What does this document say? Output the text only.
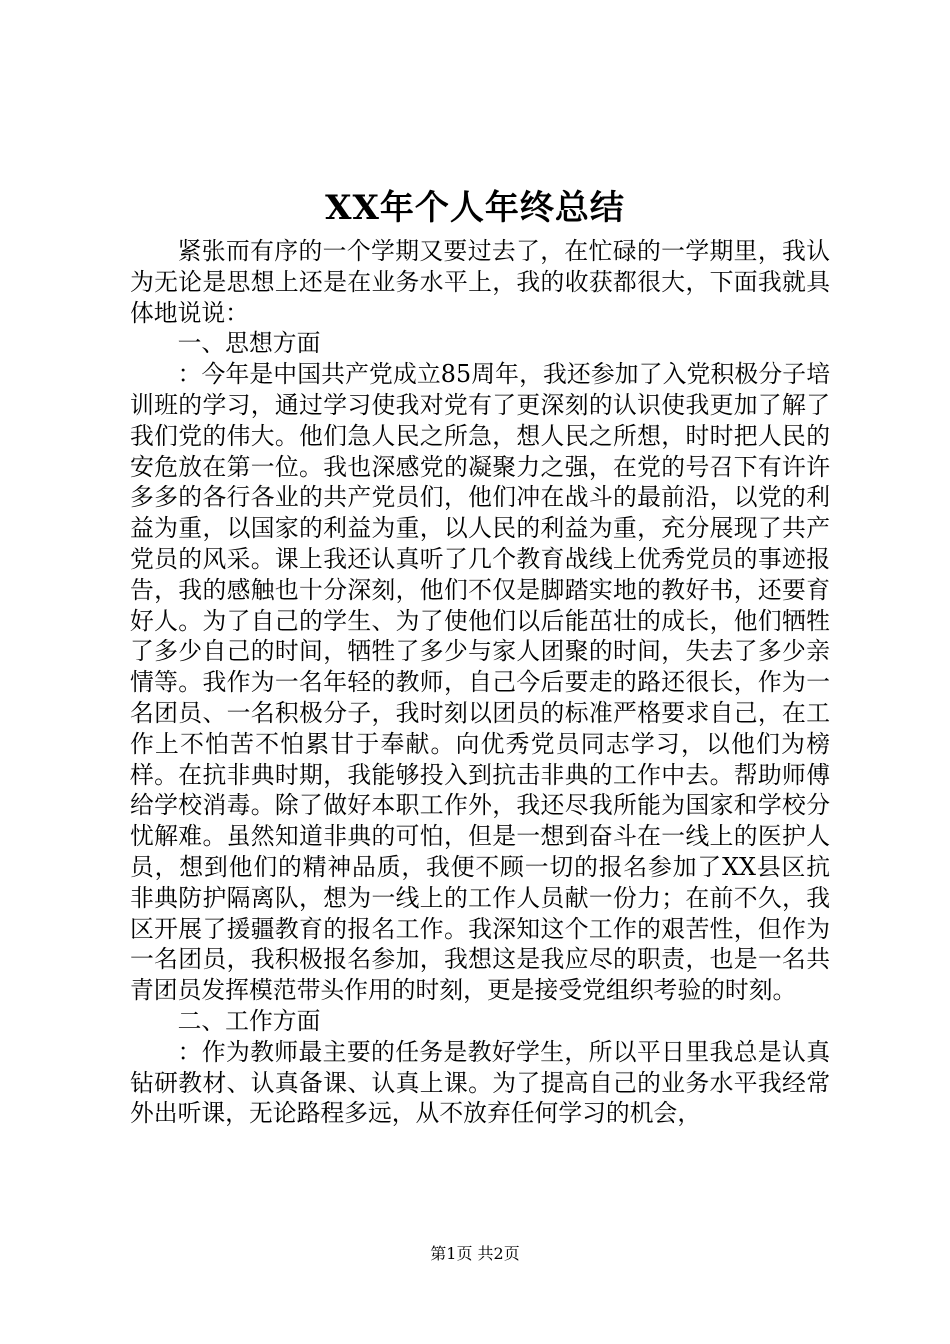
XX年个人年终总结

紧张而有序的一个学期又要过去了，在忙碌的一学期里，我认为无论是思想上还是在业务水平上，我的收获都很大，下面我就具体地说说：

一、思想方面

：今年是中国共产党成立85周年，我还参加了入党积极分子培训班的学习，通过学习使我对党有了更深刻的认识使我更加了解了我们党的伟大。他们急人民之所急，想人民之所想，时时把人民的安危放在第一位。我也深感党的凝聚力之强，在党的号召下有许许多多的各行各业的共产党员们，他们冲在战斗的最前沿，以党的利益为重，以国家的利益为重，以人民的利益为重，充分展现了共产党员的风采。课上我还认真听了几个教育战线上优秀党员的事迹报告，我的感触也十分深刻，他们不仅是脚踏实地的教好书，还要育好人。为了自己的学生、为了使他们以后能茁壮的成长，他们牺牲了多少自己的时间，牺牲了多少与家人团聚的时间，失去了多少亲情等。我作为一名年轻的教师，自己今后要走的路还很长，作为一名团员、一名积极分子，我时刻以团员的标准严格要求自己，在工作上不怕苦不怕累甘于奉献。向优秀党员同志学习，以他们为榜样。在抗非典时期，我能够投入到抗击非典的工作中去。帮助师傅给学校消毒。除了做好本职工作外，我还尽我所能为国家和学校分忧解难。虽然知道非典的可怕，但是一想到奋斗在一线上的医护人员，想到他们的精神品质，我便不顾一切的报名参加了XX县区抗非典防护隔离队，想为一线上的工作人员献一份力；在前不久，我区开展了援疆教育的报名工作。我深知这个工作的艰苦性，但作为一名团员，我积极报名参加，我想这是我应尽的职责，也是一名共青团员发挥模范带头作用的时刻，更是接受党组织考验的时刻。

二、工作方面

：作为教师最主要的任务是教好学生，所以平日里我总是认真钻研教材、认真备课、认真上课。为了提高自己的业务水平我经常外出听课，无论路程多远，从不放弃任何学习的机会，

第1页 共2页
